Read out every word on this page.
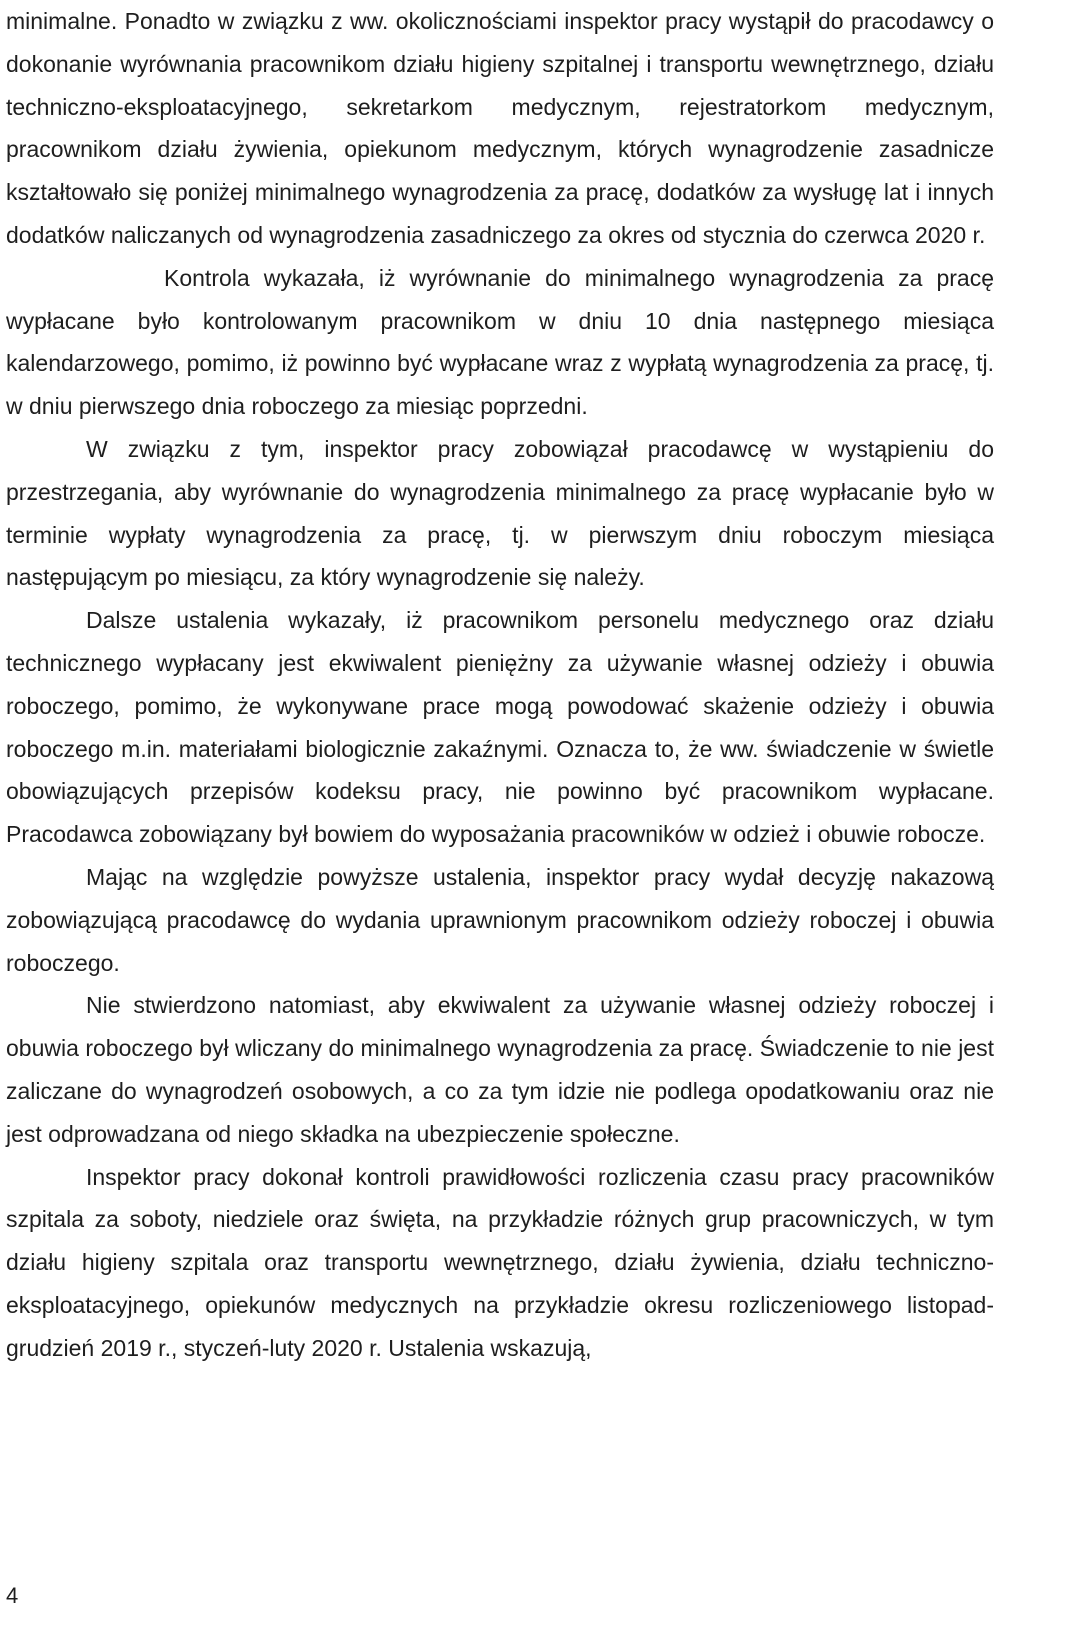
minimalne. Ponadto w związku z ww. okolicznościami inspektor pracy wystąpił do pracodawcy o dokonanie wyrównania pracownikom działu higieny szpitalnej i transportu wewnętrznego, działu techniczno-eksploatacyjnego, sekretarkom medycznym, rejestratorkom medycznym, pracownikom działu żywienia, opiekunom medycznym, których wynagrodzenie zasadnicze kształtowało się poniżej minimalnego wynagrodzenia za pracę, dodatków za wysługę lat i innych dodatków naliczanych od wynagrodzenia zasadniczego za okres od stycznia do czerwca 2020 r.

Kontrola wykazała, iż wyrównanie do minimalnego wynagrodzenia za pracę wypłacane było kontrolowanym pracownikom w dniu 10 dnia następnego miesiąca kalendarzowego, pomimo, iż powinno być wypłacane wraz z wypłatą wynagrodzenia za pracę, tj. w dniu pierwszego dnia roboczego za miesiąc poprzedni.

W związku z tym, inspektor pracy zobowiązał pracodawcę w wystąpieniu do przestrzegania, aby wyrównanie do wynagrodzenia minimalnego za pracę wypłacanie było w terminie wypłaty wynagrodzenia za pracę, tj. w pierwszym dniu roboczym miesiąca następującym po miesiącu, za który wynagrodzenie się należy.

Dalsze ustalenia wykazały, iż pracownikom personelu medycznego oraz działu technicznego wypłacany jest ekwiwalent pieniężny za używanie własnej odzieży i obuwia roboczego, pomimo, że wykonywane prace mogą powodować skażenie odzieży i obuwia roboczego m.in. materiałami biologicznie zakaźnymi. Oznacza to, że ww. świadczenie w świetle obowiązujących przepisów kodeksu pracy, nie powinno być pracownikom wypłacane. Pracodawca zobowiązany był bowiem do wyposażania pracowników w odzież i obuwie robocze.

Mając na względzie powyższe ustalenia, inspektor pracy wydał decyzję nakazową zobowiązującą pracodawcę do wydania uprawnionym pracownikom odzieży roboczej i obuwia roboczego.

Nie stwierdzono natomiast, aby ekwiwalent za używanie własnej odzieży roboczej i obuwia roboczego był wliczany do minimalnego wynagrodzenia za pracę. Świadczenie to nie jest zaliczane do wynagrodzeń osobowych, a co za tym idzie nie podlega opodatkowaniu oraz nie jest odprowadzana od niego składka na ubezpieczenie społeczne.

Inspektor pracy dokonał kontroli prawidłowości rozliczenia czasu pracy pracowników szpitala za soboty, niedziele oraz święta, na przykładzie różnych grup pracowniczych, w tym działu higieny szpitala oraz transportu wewnętrznego, działu żywienia, działu techniczno-eksploatacyjnego, opiekunów medycznych na przykładzie okresu rozliczeniowego listopad-grudzień 2019 r., styczeń-luty 2020 r. Ustalenia wskazują,

4
